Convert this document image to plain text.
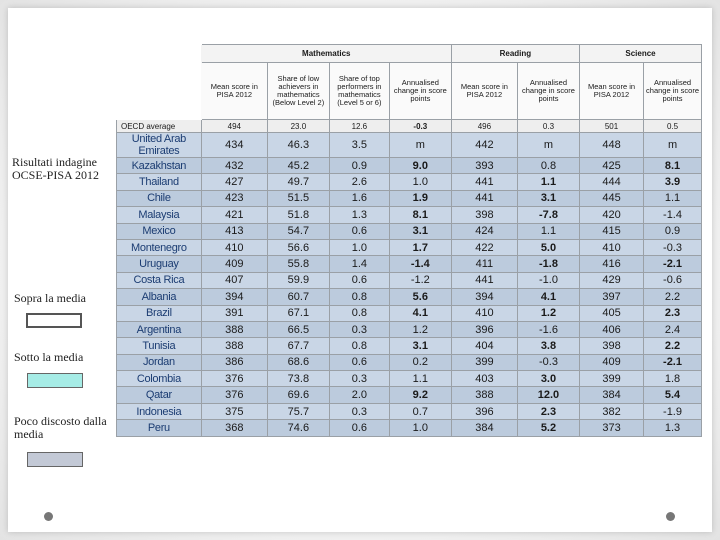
Risultati indagine OCSE-PISA 2012
Sopra la media
Sotto la media
Poco discosto dalla media
	Mathematics				Reading		Science	
	Mean score in PISA 2012	Share of low achievers in mathematics (Below Level 2)	Share of top performers in mathematics (Level 5 or 6)	Annualised change in score points	Mean score in PISA 2012	Annualised change in score points	Mean score in PISA 2012	Annualised change in score points
OECD average	494	23.0	12.6	-0.3	496	0.3	501	0.5
United Arab Emirates	434	46.3	3.5	m	442	m	448	m
Kazakhstan	432	45.2	0.9	9.0	393	0.8	425	8.1
Thailand	427	49.7	2.6	1.0	441	1.1	444	3.9
Chile	423	51.5	1.6	1.9	441	3.1	445	1.1
Malaysia	421	51.8	1.3	8.1	398	-7.8	420	-1.4
Mexico	413	54.7	0.6	3.1	424	1.1	415	0.9
Montenegro	410	56.6	1.0	1.7	422	5.0	410	-0.3
Uruguay	409	55.8	1.4	-1.4	411	-1.8	416	-2.1
Costa Rica	407	59.9	0.6	-1.2	441	-1.0	429	-0.6
Albania	394	60.7	0.8	5.6	394	4.1	397	2.2
Brazil	391	67.1	0.8	4.1	410	1.2	405	2.3
Argentina	388	66.5	0.3	1.2	396	-1.6	406	2.4
Tunisia	388	67.7	0.8	3.1	404	3.8	398	2.2
Jordan	386	68.6	0.6	0.2	399	-0.3	409	-2.1
Colombia	376	73.8	0.3	1.1	403	3.0	399	1.8
Qatar	376	69.6	2.0	9.2	388	12.0	384	5.4
Indonesia	375	75.7	0.3	0.7	396	2.3	382	-1.9
Peru	368	74.6	0.6	1.0	384	5.2	373	1.3
